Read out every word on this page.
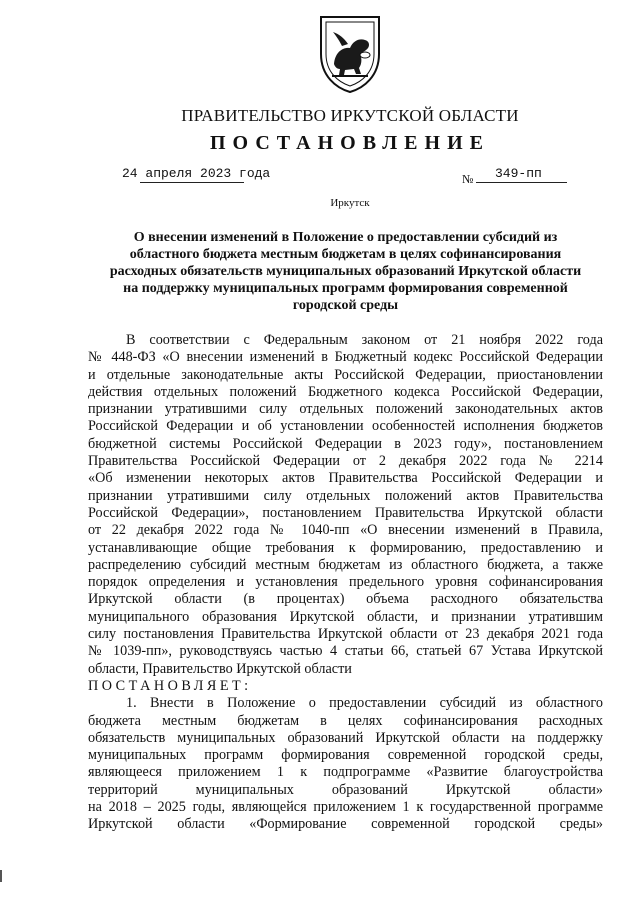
ПРАВИТЕЛЬСТВО ИРКУТСКОЙ ОБЛАСТИ
ПОСТАНОВЛЕНИЕ
24 апреля 2023 года	№ 349-пп
Иркутск
О внесении изменений в Положение о предоставлении субсидий из
областного бюджета местным бюджетам в целях софинансирования
расходных обязательств муниципальных образований Иркутской области
на поддержку муниципальных программ формирования современной
городской среды
В соответствии с Федеральным законом от 21 ноября 2022 года
№ 448-ФЗ «О внесении изменений в Бюджетный кодекс Российской Федерации
и отдельные законодательные акты Российской Федерации, приостановлении
действия отдельных положений Бюджетного кодекса Российской Федерации,
признании утратившими силу отдельных положений законодательных актов
Российской Федерации и об установлении особенностей исполнения бюджетов
бюджетной системы Российской Федерации в 2023 году», постановлением
Правительства Российской Федерации от 2 декабря 2022 года № 2214
«Об изменении некоторых актов Правительства Российской Федерации и
признании утратившими силу отдельных положений актов Правительства
Российской Федерации», постановлением Правительства Иркутской области
от 22 декабря 2022 года № 1040-пп «О внесении изменений в Правила,
устанавливающие общие требования к формированию, предоставлению и
распределению субсидий местным бюджетам из областного бюджета, а также
порядок определения и установления предельного уровня софинансирования
Иркутской области (в процентах) объема расходного обязательства
муниципального образования Иркутской области, и признании утратившим
силу постановления Правительства Иркутской области от 23 декабря 2021 года
№ 1039-пп», руководствуясь частью 4 статьи 66, статьей 67 Устава Иркутской
области, Правительство Иркутской области
ПОСТАНОВЛЯЕТ:
1. Внести в Положение о предоставлении субсидий из областного
бюджета местным бюджетам в целях софинансирования расходных
обязательств муниципальных образований Иркутской области на поддержку
муниципальных программ формирования современной городской среды,
являющееся приложением 1 к подпрограмме «Развитие благоустройства
территорий муниципальных образований Иркутской области»
на 2018 – 2025 годы, являющейся приложением 1 к государственной программе
Иркутской области «Формирование современной городской среды»
